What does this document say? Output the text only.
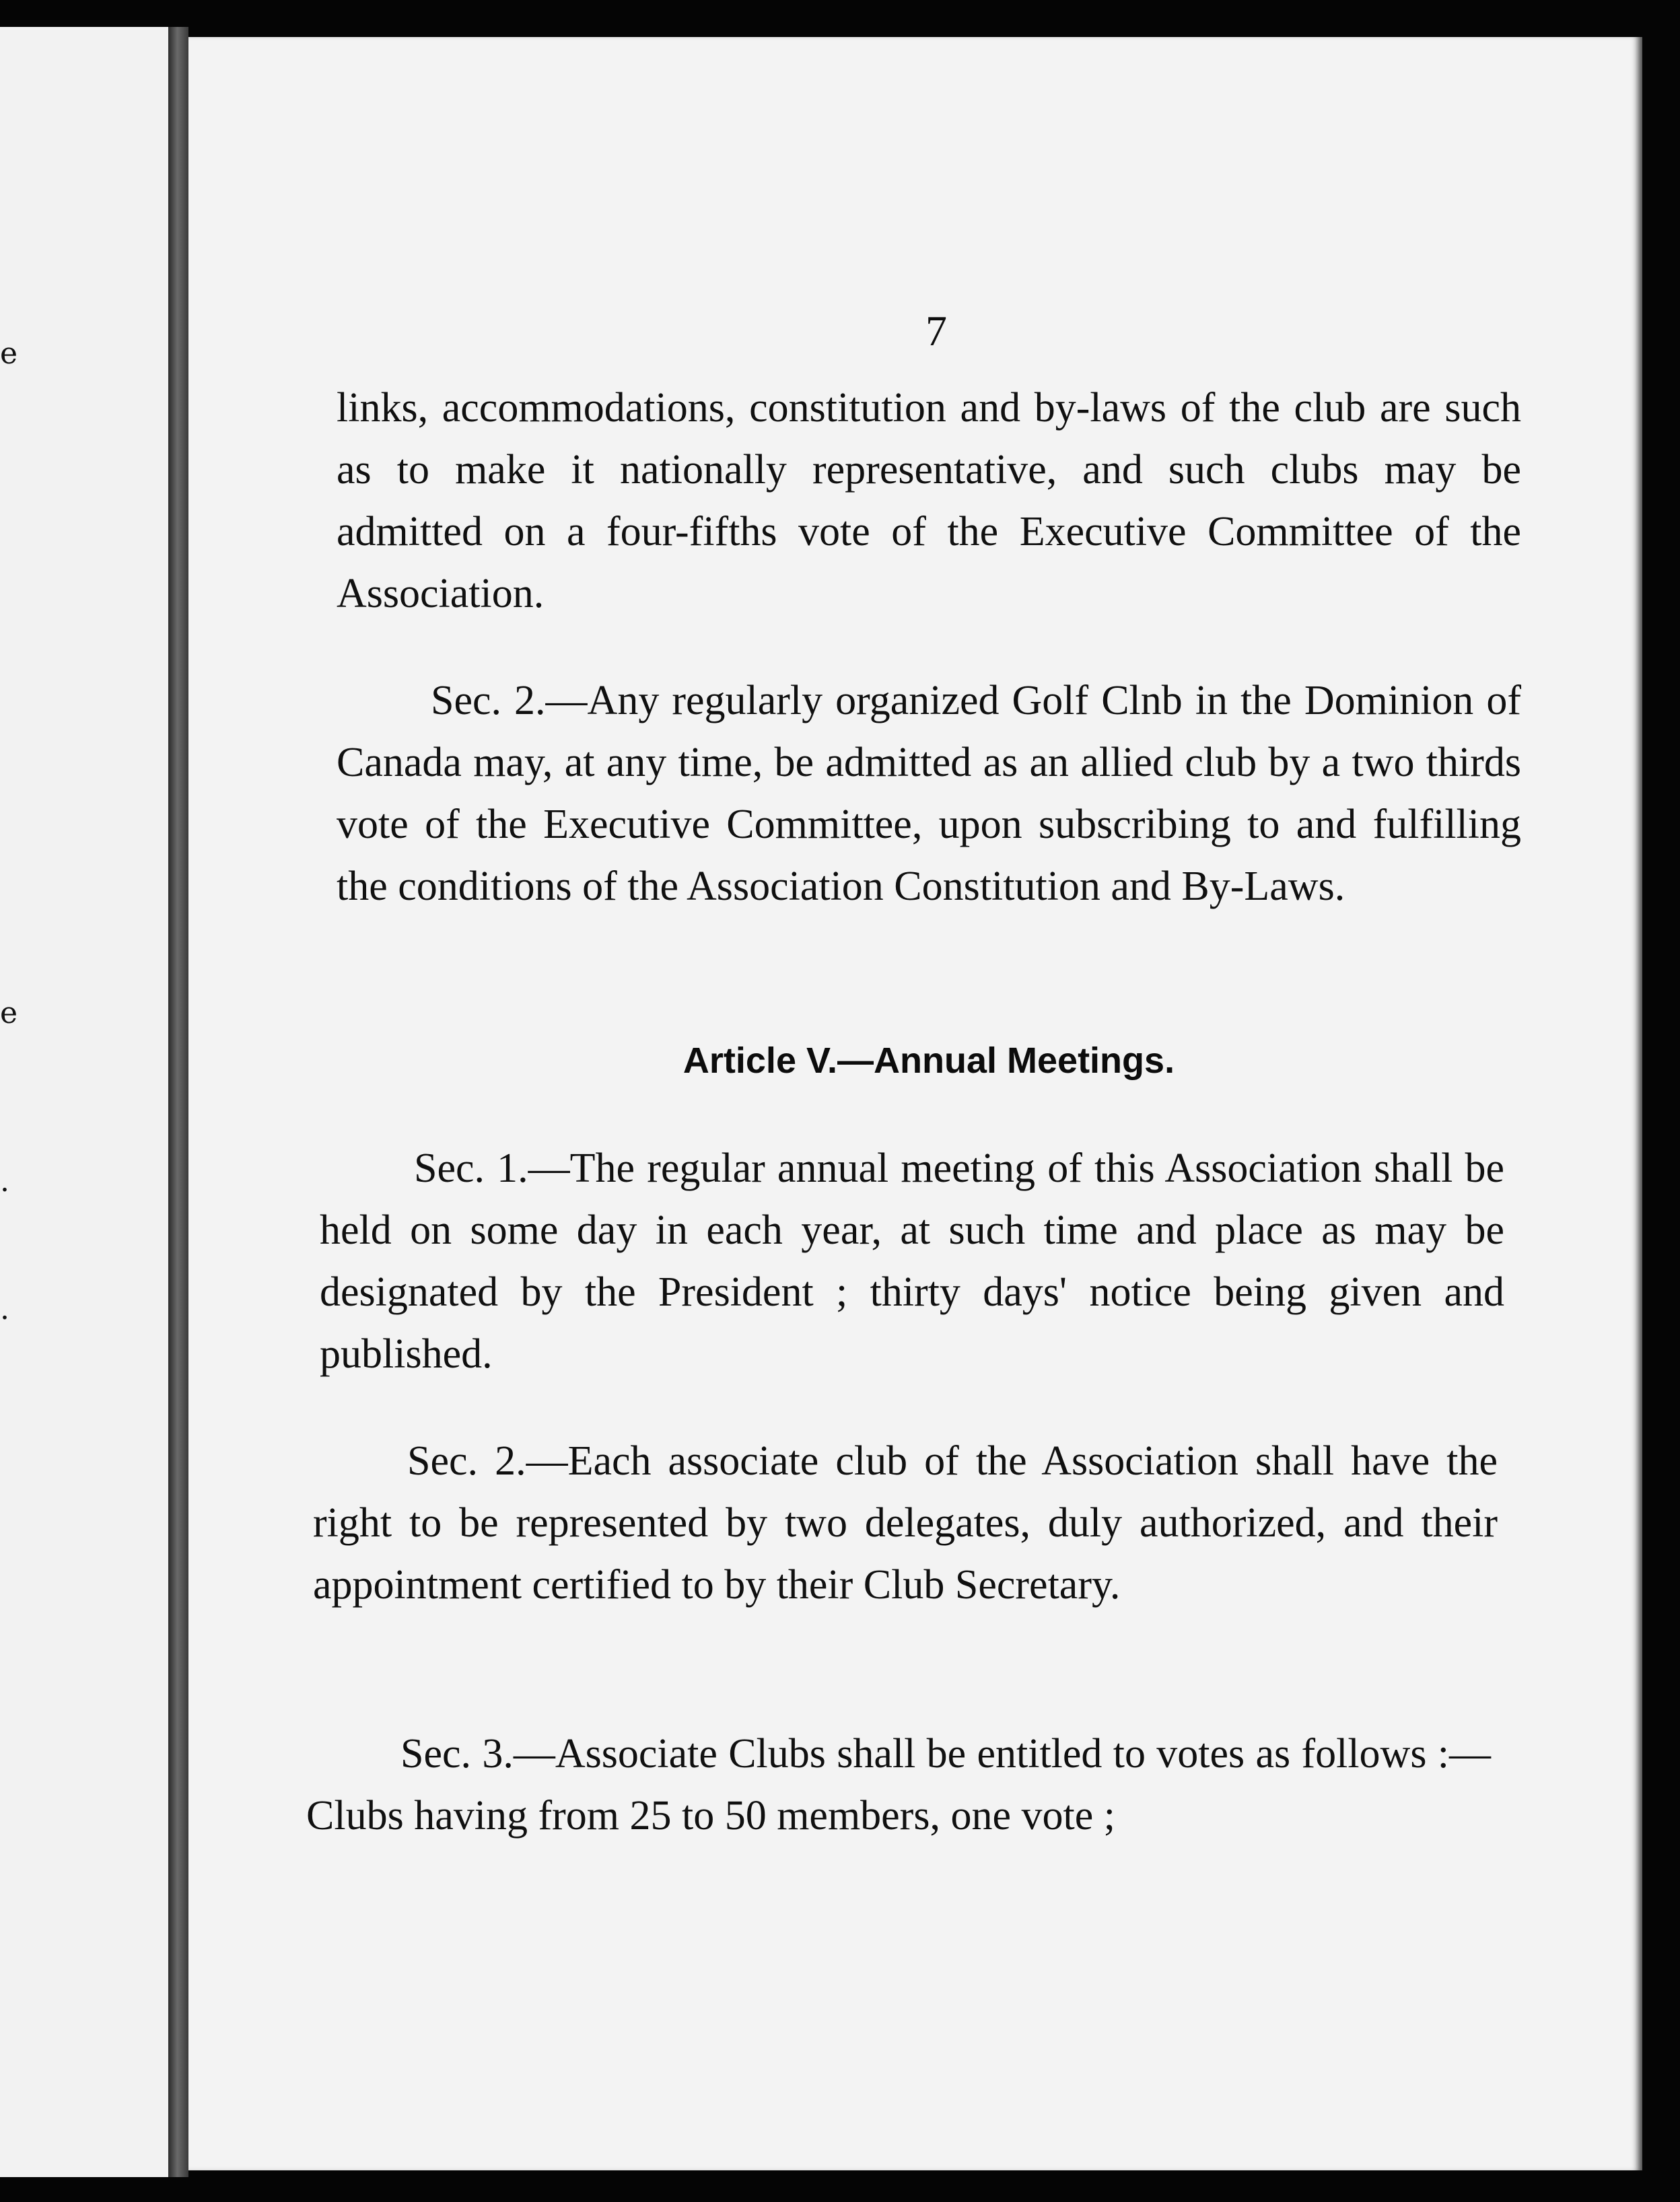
e
e
.
.
7

links, accommodations, constitution and by-laws of the club are such as to make it nationally representative, and such clubs may be admitted on a four-fifths vote of the Executive Committee of the Association.

Sec. 2.—Any regularly organized Golf Clnb in the Dominion of Canada may, at any time, be admitted as an allied club by a two thirds vote of the Executive Committee, upon subscribing to and fulfilling the conditions of the Association Constitution and By-Laws.

Article V.—Annual Meetings.

Sec. 1.—The regular annual meeting of this Association shall be held on some day in each year, at such time and place as may be designated by the President ; thirty days' notice being given and published.

Sec. 2.—Each associate club of the Association shall have the right to be represented by two delegates, duly authorized, and their appointment certified to by their Club Secretary.

Sec. 3.—Associate Clubs shall be entitled to votes as follows :—Clubs having from 25 to 50 members, one vote ;
